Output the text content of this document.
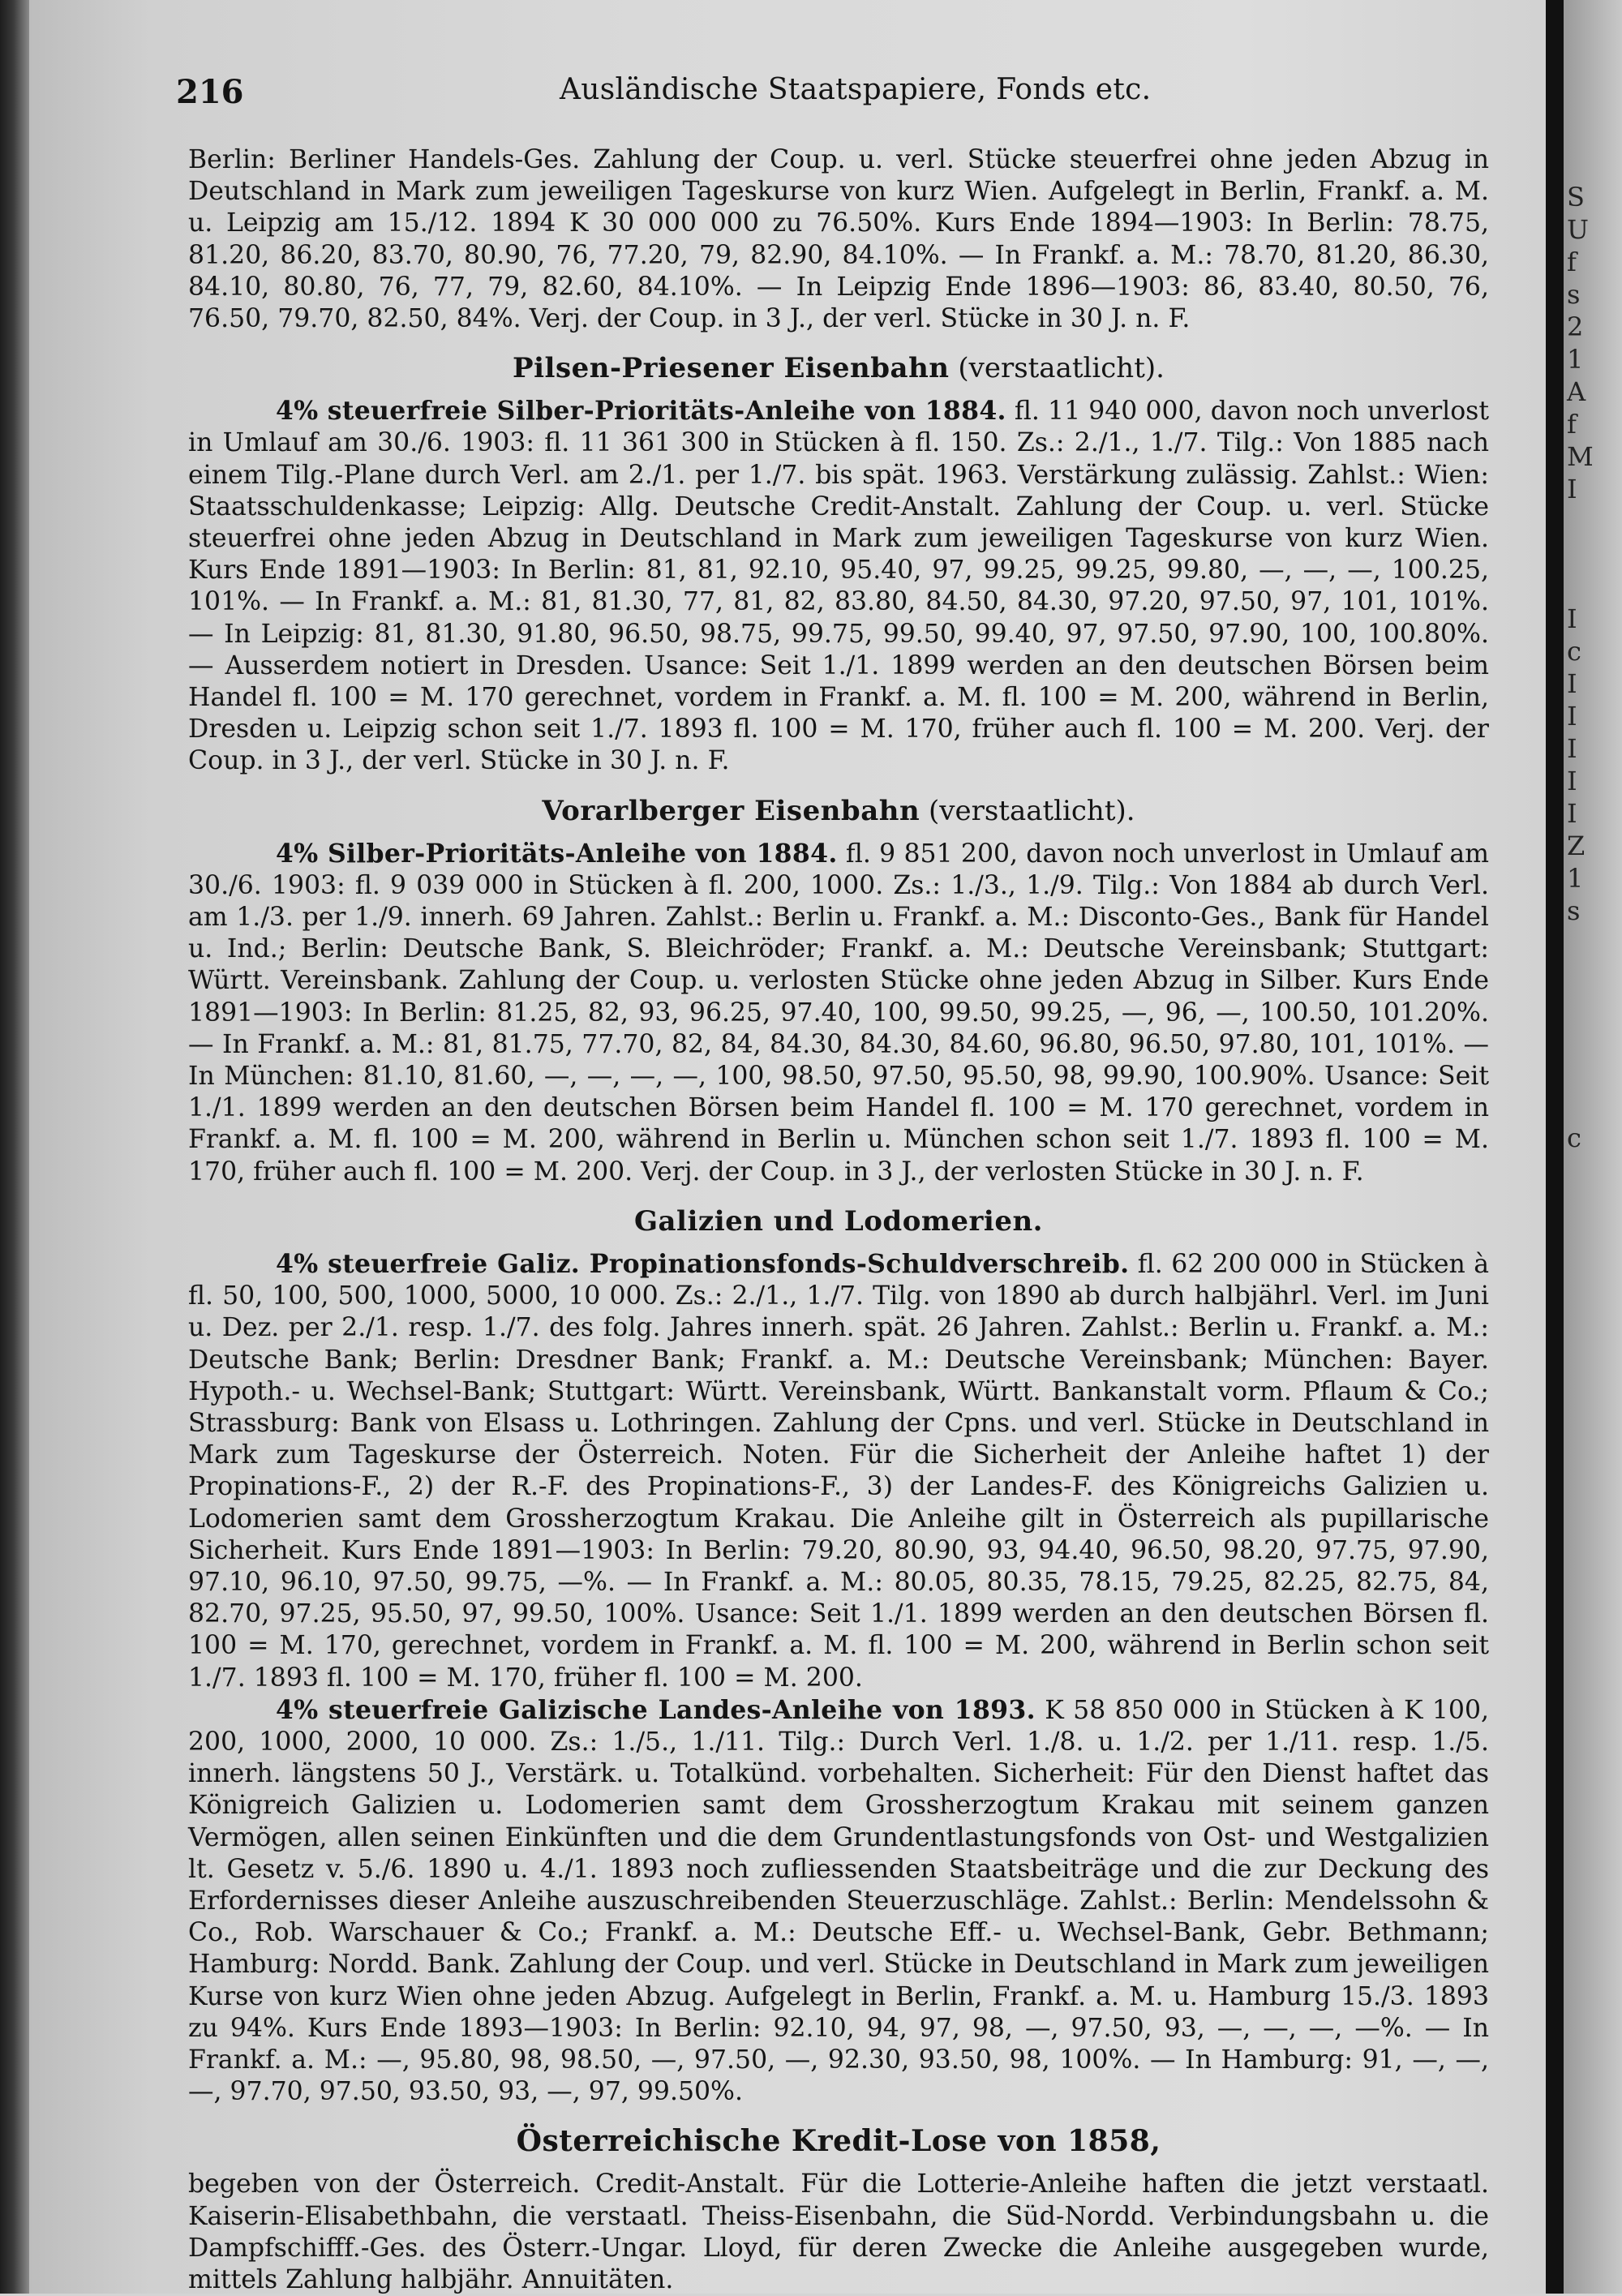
S
U
f
s
2
1
A
f
M
I
I
c
I
I
I
I
I
Z
1
s
c
216	Ausländische Staatspapiere, Fonds etc.

Berlin: Berliner Handels-Ges. Zahlung der Coup. u. verl. Stücke steuerfrei ohne jeden Abzug in Deutschland in Mark zum jeweiligen Tageskurse von kurz Wien. Aufgelegt in Berlin, Frankf. a. M. u. Leipzig am 15./12. 1894 K 30 000 000 zu 76.50%. Kurs Ende 1894—1903: In Berlin: 78.75, 81.20, 86.20, 83.70, 80.90, 76, 77.20, 79, 82.90, 84.10%. — In Frankf. a. M.: 78.70, 81.20, 86.30, 84.10, 80.80, 76, 77, 79, 82.60, 84.10%. — In Leipzig Ende 1896—1903: 86, 83.40, 80.50, 76, 76.50, 79.70, 82.50, 84%. Verj. der Coup. in 3 J., der verl. Stücke in 30 J. n. F.

Pilsen-Priesener Eisenbahn (verstaatlicht).

4% steuerfreie Silber-Prioritäts-Anleihe von 1884. fl. 11 940 000, davon noch unverlost in Umlauf am 30./6. 1903: fl. 11 361 300 in Stücken à fl. 150. Zs.: 2./1., 1./7. Tilg.: Von 1885 nach einem Tilg.-Plane durch Verl. am 2./1. per 1./7. bis spät. 1963. Verstärkung zulässig. Zahlst.: Wien: Staatsschuldenkasse; Leipzig: Allg. Deutsche Credit-Anstalt. Zahlung der Coup. u. verl. Stücke steuerfrei ohne jeden Abzug in Deutschland in Mark zum jeweiligen Tageskurse von kurz Wien. Kurs Ende 1891—1903: In Berlin: 81, 81, 92.10, 95.40, 97, 99.25, 99.25, 99.80, —, —, —, 100.25, 101%. — In Frankf. a. M.: 81, 81.30, 77, 81, 82, 83.80, 84.50, 84.30, 97.20, 97.50, 97, 101, 101%. — In Leipzig: 81, 81.30, 91.80, 96.50, 98.75, 99.75, 99.50, 99.40, 97, 97.50, 97.90, 100, 100.80%. — Ausserdem notiert in Dresden. Usance: Seit 1./1. 1899 werden an den deutschen Börsen beim Handel fl. 100 = M. 170 gerechnet, vordem in Frankf. a. M. fl. 100 = M. 200, während in Berlin, Dresden u. Leipzig schon seit 1./7. 1893 fl. 100 = M. 170, früher auch fl. 100 = M. 200. Verj. der Coup. in 3 J., der verl. Stücke in 30 J. n. F.

Vorarlberger Eisenbahn (verstaatlicht).

4% Silber-Prioritäts-Anleihe von 1884. fl. 9 851 200, davon noch unverlost in Umlauf am 30./6. 1903: fl. 9 039 000 in Stücken à fl. 200, 1000. Zs.: 1./3., 1./9. Tilg.: Von 1884 ab durch Verl. am 1./3. per 1./9. innerh. 69 Jahren. Zahlst.: Berlin u. Frankf. a. M.: Disconto-Ges., Bank für Handel u. Ind.; Berlin: Deutsche Bank, S. Bleichröder; Frankf. a. M.: Deutsche Vereinsbank; Stuttgart: Württ. Vereinsbank. Zahlung der Coup. u. verlosten Stücke ohne jeden Abzug in Silber. Kurs Ende 1891—1903: In Berlin: 81.25, 82, 93, 96.25, 97.40, 100, 99.50, 99.25, —, 96, —, 100.50, 101.20%. — In Frankf. a. M.: 81, 81.75, 77.70, 82, 84, 84.30, 84.30, 84.60, 96.80, 96.50, 97.80, 101, 101%. — In München: 81.10, 81.60, —, —, —, —, 100, 98.50, 97.50, 95.50, 98, 99.90, 100.90%. Usance: Seit 1./1. 1899 werden an den deutschen Börsen beim Handel fl. 100 = M. 170 gerechnet, vordem in Frankf. a. M. fl. 100 = M. 200, während in Berlin u. München schon seit 1./7. 1893 fl. 100 = M. 170, früher auch fl. 100 = M. 200. Verj. der Coup. in 3 J., der verlosten Stücke in 30 J. n. F.

Galizien und Lodomerien.

4% steuerfreie Galiz. Propinationsfonds-Schuldverschreib. fl. 62 200 000 in Stücken à fl. 50, 100, 500, 1000, 5000, 10 000. Zs.: 2./1., 1./7. Tilg. von 1890 ab durch halbjährl. Verl. im Juni u. Dez. per 2./1. resp. 1./7. des folg. Jahres innerh. spät. 26 Jahren. Zahlst.: Berlin u. Frankf. a. M.: Deutsche Bank; Berlin: Dresdner Bank; Frankf. a. M.: Deutsche Vereinsbank; München: Bayer. Hypoth.- u. Wechsel-Bank; Stuttgart: Württ. Vereinsbank, Württ. Bankanstalt vorm. Pflaum & Co.; Strassburg: Bank von Elsass u. Lothringen. Zahlung der Cpns. und verl. Stücke in Deutschland in Mark zum Tageskurse der Österreich. Noten. Für die Sicherheit der Anleihe haftet 1) der Propinations-F., 2) der R.-F. des Propinations-F., 3) der Landes-F. des Königreichs Galizien u. Lodomerien samt dem Grossherzogtum Krakau. Die Anleihe gilt in Österreich als pupillarische Sicherheit. Kurs Ende 1891—1903: In Berlin: 79.20, 80.90, 93, 94.40, 96.50, 98.20, 97.75, 97.90, 97.10, 96.10, 97.50, 99.75, —%. — In Frankf. a. M.: 80.05, 80.35, 78.15, 79.25, 82.25, 82.75, 84, 82.70, 97.25, 95.50, 97, 99.50, 100%. Usance: Seit 1./1. 1899 werden an den deutschen Börsen fl. 100 = M. 170, gerechnet, vordem in Frankf. a. M. fl. 100 = M. 200, während in Berlin schon seit 1./7. 1893 fl. 100 = M. 170, früher fl. 100 = M. 200.

4% steuerfreie Galizische Landes-Anleihe von 1893. K 58 850 000 in Stücken à K 100, 200, 1000, 2000, 10 000. Zs.: 1./5., 1./11. Tilg.: Durch Verl. 1./8. u. 1./2. per 1./11. resp. 1./5. innerh. längstens 50 J., Verstärk. u. Totalkünd. vorbehalten. Sicherheit: Für den Dienst haftet das Königreich Galizien u. Lodomerien samt dem Grossherzogtum Krakau mit seinem ganzen Vermögen, allen seinen Einkünften und die dem Grundentlastungsfonds von Ost- und Westgalizien lt. Gesetz v. 5./6. 1890 u. 4./1. 1893 noch zufliessenden Staatsbeiträge und die zur Deckung des Erfordernisses dieser Anleihe auszuschreibenden Steuerzuschläge. Zahlst.: Berlin: Mendelssohn & Co., Rob. Warschauer & Co.; Frankf. a. M.: Deutsche Eff.- u. Wechsel-Bank, Gebr. Bethmann; Hamburg: Nordd. Bank. Zahlung der Coup. und verl. Stücke in Deutschland in Mark zum jeweiligen Kurse von kurz Wien ohne jeden Abzug. Aufgelegt in Berlin, Frankf. a. M. u. Hamburg 15./3. 1893 zu 94%. Kurs Ende 1893—1903: In Berlin: 92.10, 94, 97, 98, —, 97.50, 93, —, —, —, —%. — In Frankf. a. M.: —, 95.80, 98, 98.50, —, 97.50, —, 92.30, 93.50, 98, 100%. — In Hamburg: 91, —, —, —, 97.70, 97.50, 93.50, 93, —, 97, 99.50%.

Österreichische Kredit-Lose von 1858,

begeben von der Österreich. Credit-Anstalt. Für die Lotterie-Anleihe haften die jetzt verstaatl. Kaiserin-Elisabethbahn, die verstaatl. Theiss-Eisenbahn, die Süd-Nordd. Verbindungsbahn u. die Dampfschifff.-Ges. des Österr.-Ungar. Lloyd, für deren Zwecke die Anleihe ausgegeben wurde, mittels Zahlung halbjähr. Annuitäten.
